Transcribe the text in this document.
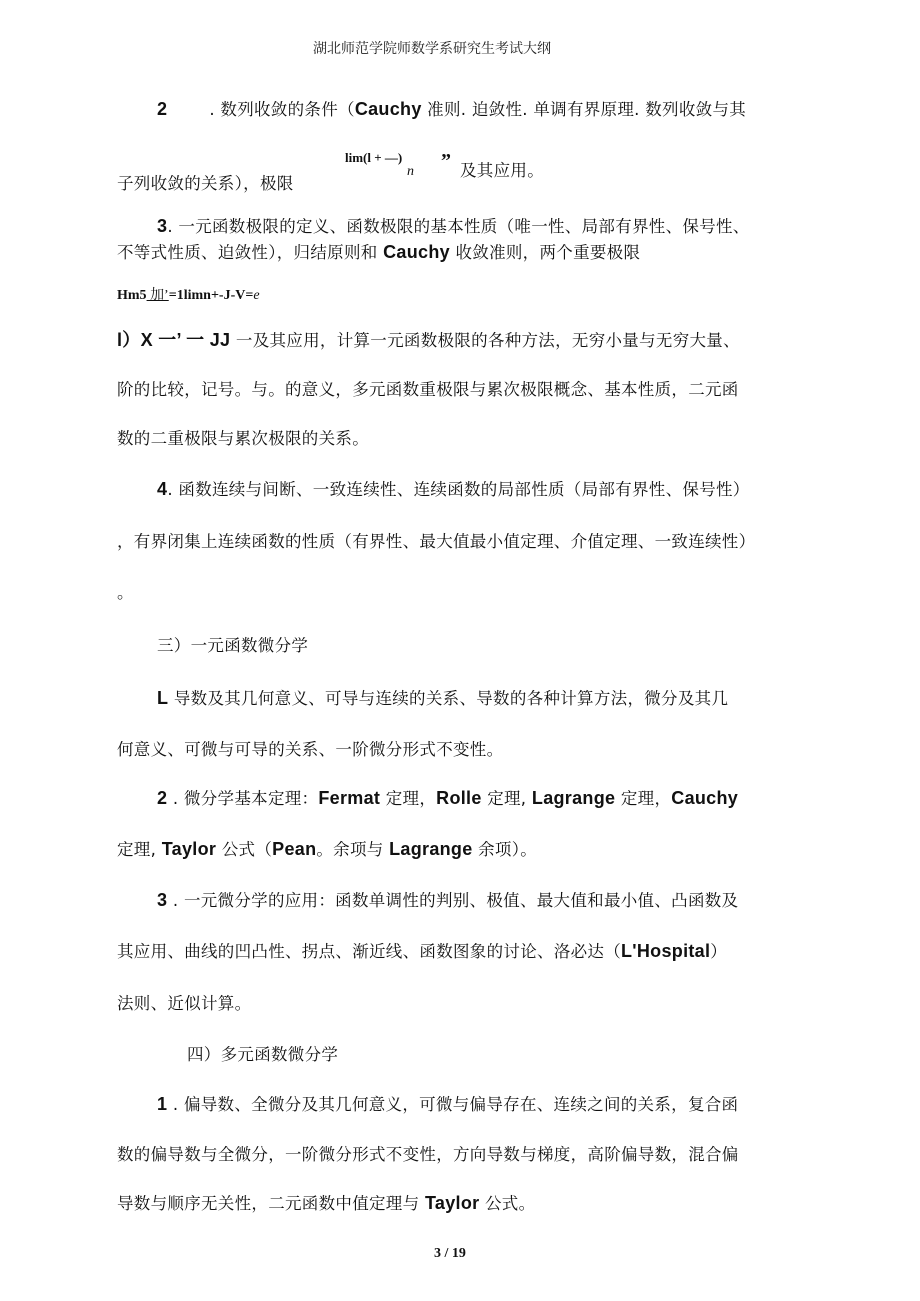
湖北师范学院师数学系研究生考试大纲
2	. 数列收敛的条件（Cauchy 准则. 迫敛性. 单调有界原理. 数列收敛与其
子列收敛的关系），极限
lim(l + —)
n ” 及其应用。
3. 一元函数极限的定义、函数极限的基本性质（唯一性、局部有界性、保号性、
不等式性质、迫敛性），归结原则和 Cauchy 收敛准则，两个重要极限
Hm5 加’=1limn+-J-V=e
l）X 一’ 一 JJ 一及其应用，计算一元函数极限的各种方法，无穷小量与无穷大量、
阶的比较，记号。与。的意义，多元函数重极限与累次极限概念、基本性质，二元函
数的二重极限与累次极限的关系。
4. 函数连续与间断、一致连续性、连续函数的局部性质（局部有界性、保号性）
，有界闭集上连续函数的性质（有界性、最大值最小值定理、介值定理、一致连续性）
。
三）一元函数微分学
L 导数及其几何意义、可导与连续的关系、导数的各种计算方法，微分及其几
何意义、可微与可导的关系、一阶微分形式不变性。
2 . 微分学基本定理：Fermat 定理，Rolle 定理, Lagrange 定理，Cauchy
定理, Taylor 公式（Pean。余项与 Lagrange 余项）。
3 . 一元微分学的应用：函数单调性的判别、极值、最大值和最小值、凸函数及
其应用、曲线的凹凸性、拐点、渐近线、函数图象的讨论、洛必达（L'Hospital）
法则、近似计算。
四）多元函数微分学
1 . 偏导数、全微分及其几何意义，可微与偏导存在、连续之间的关系，复合函
数的偏导数与全微分，一阶微分形式不变性，方向导数与梯度，高阶偏导数，混合偏
导数与顺序无关性，二元函数中值定理与 Taylor 公式。
3 / 19
